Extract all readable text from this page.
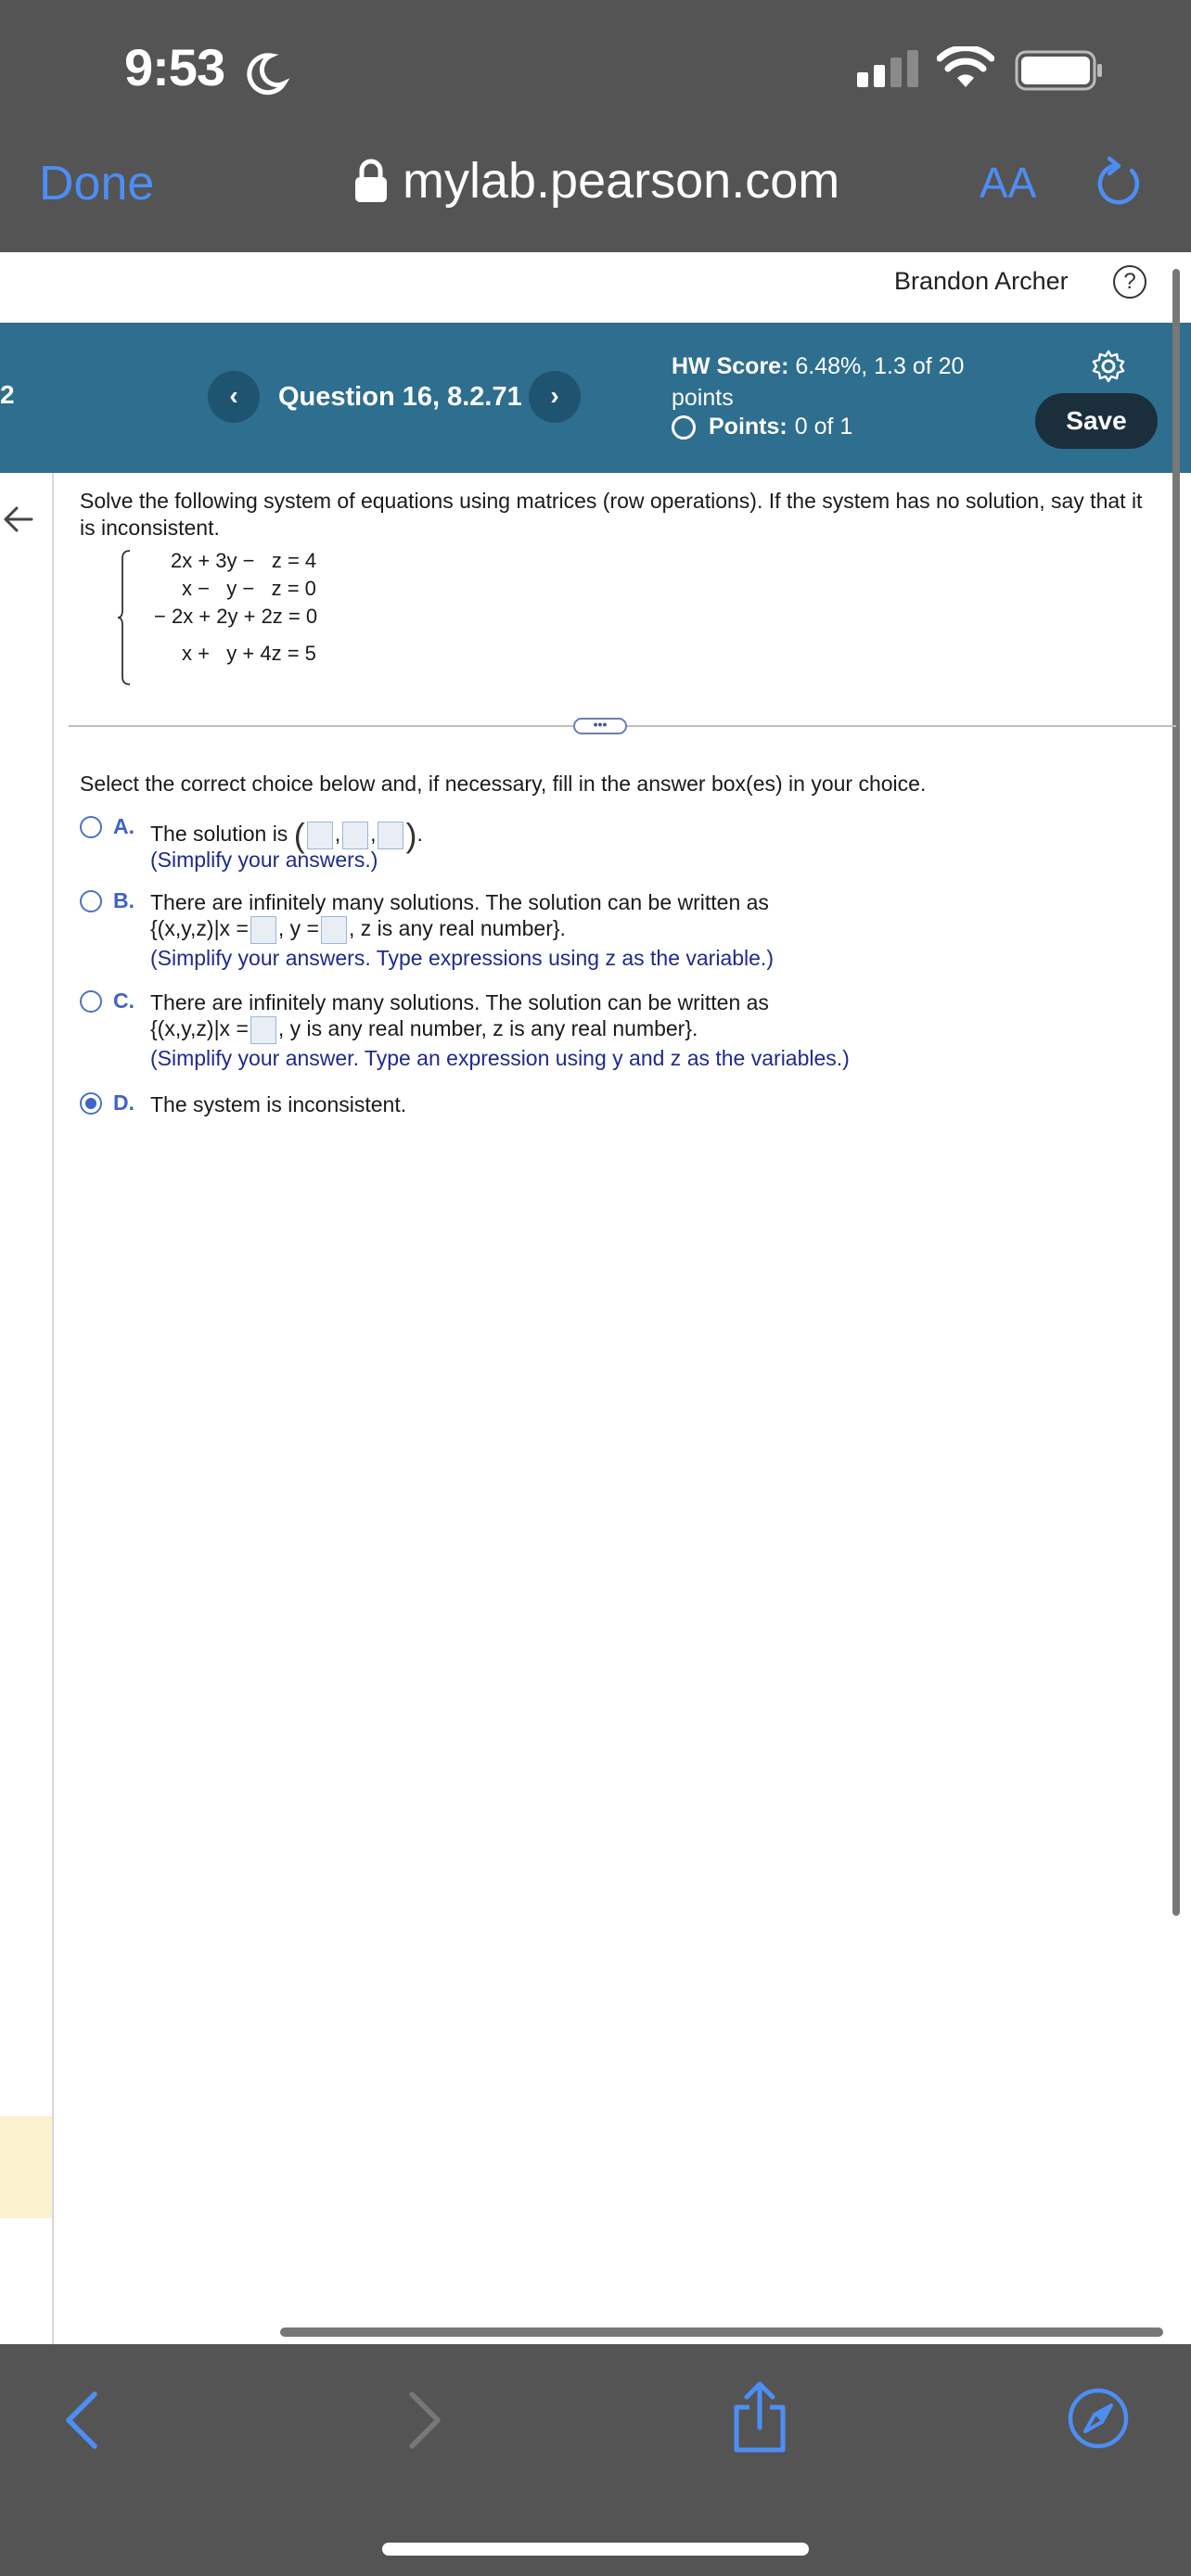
9:53
Done	mylab.pearson.com	AA
Brandon Archer	?
2	‹	Question 16, 8.2.71	›
HW Score: 6.48%, 1.3 of 20
points
Points: 0 of 1	Save
Solve the following system of equations using matrices (row operations). If the system has no solution, say that it is inconsistent.
2x + 3y −   z = 4
x −   y −   z = 0
− 2x + 2y + 2z = 0
x +   y + 4z = 5
•••
Select the correct choice below and, if necessary, fill in the answer box(es) in your choice.
A. The solution is ( , , ).
(Simplify your answers.)
B. There are infinitely many solutions. The solution can be written as
{(x,y,z)|x = , y = , z is any real number}.
(Simplify your answers. Type expressions using z as the variable.)
C. There are infinitely many solutions. The solution can be written as
{(x,y,z)|x = , y is any real number, z is any real number}.
(Simplify your answer. Type an expression using y and z as the variables.)
D. The system is inconsistent.
